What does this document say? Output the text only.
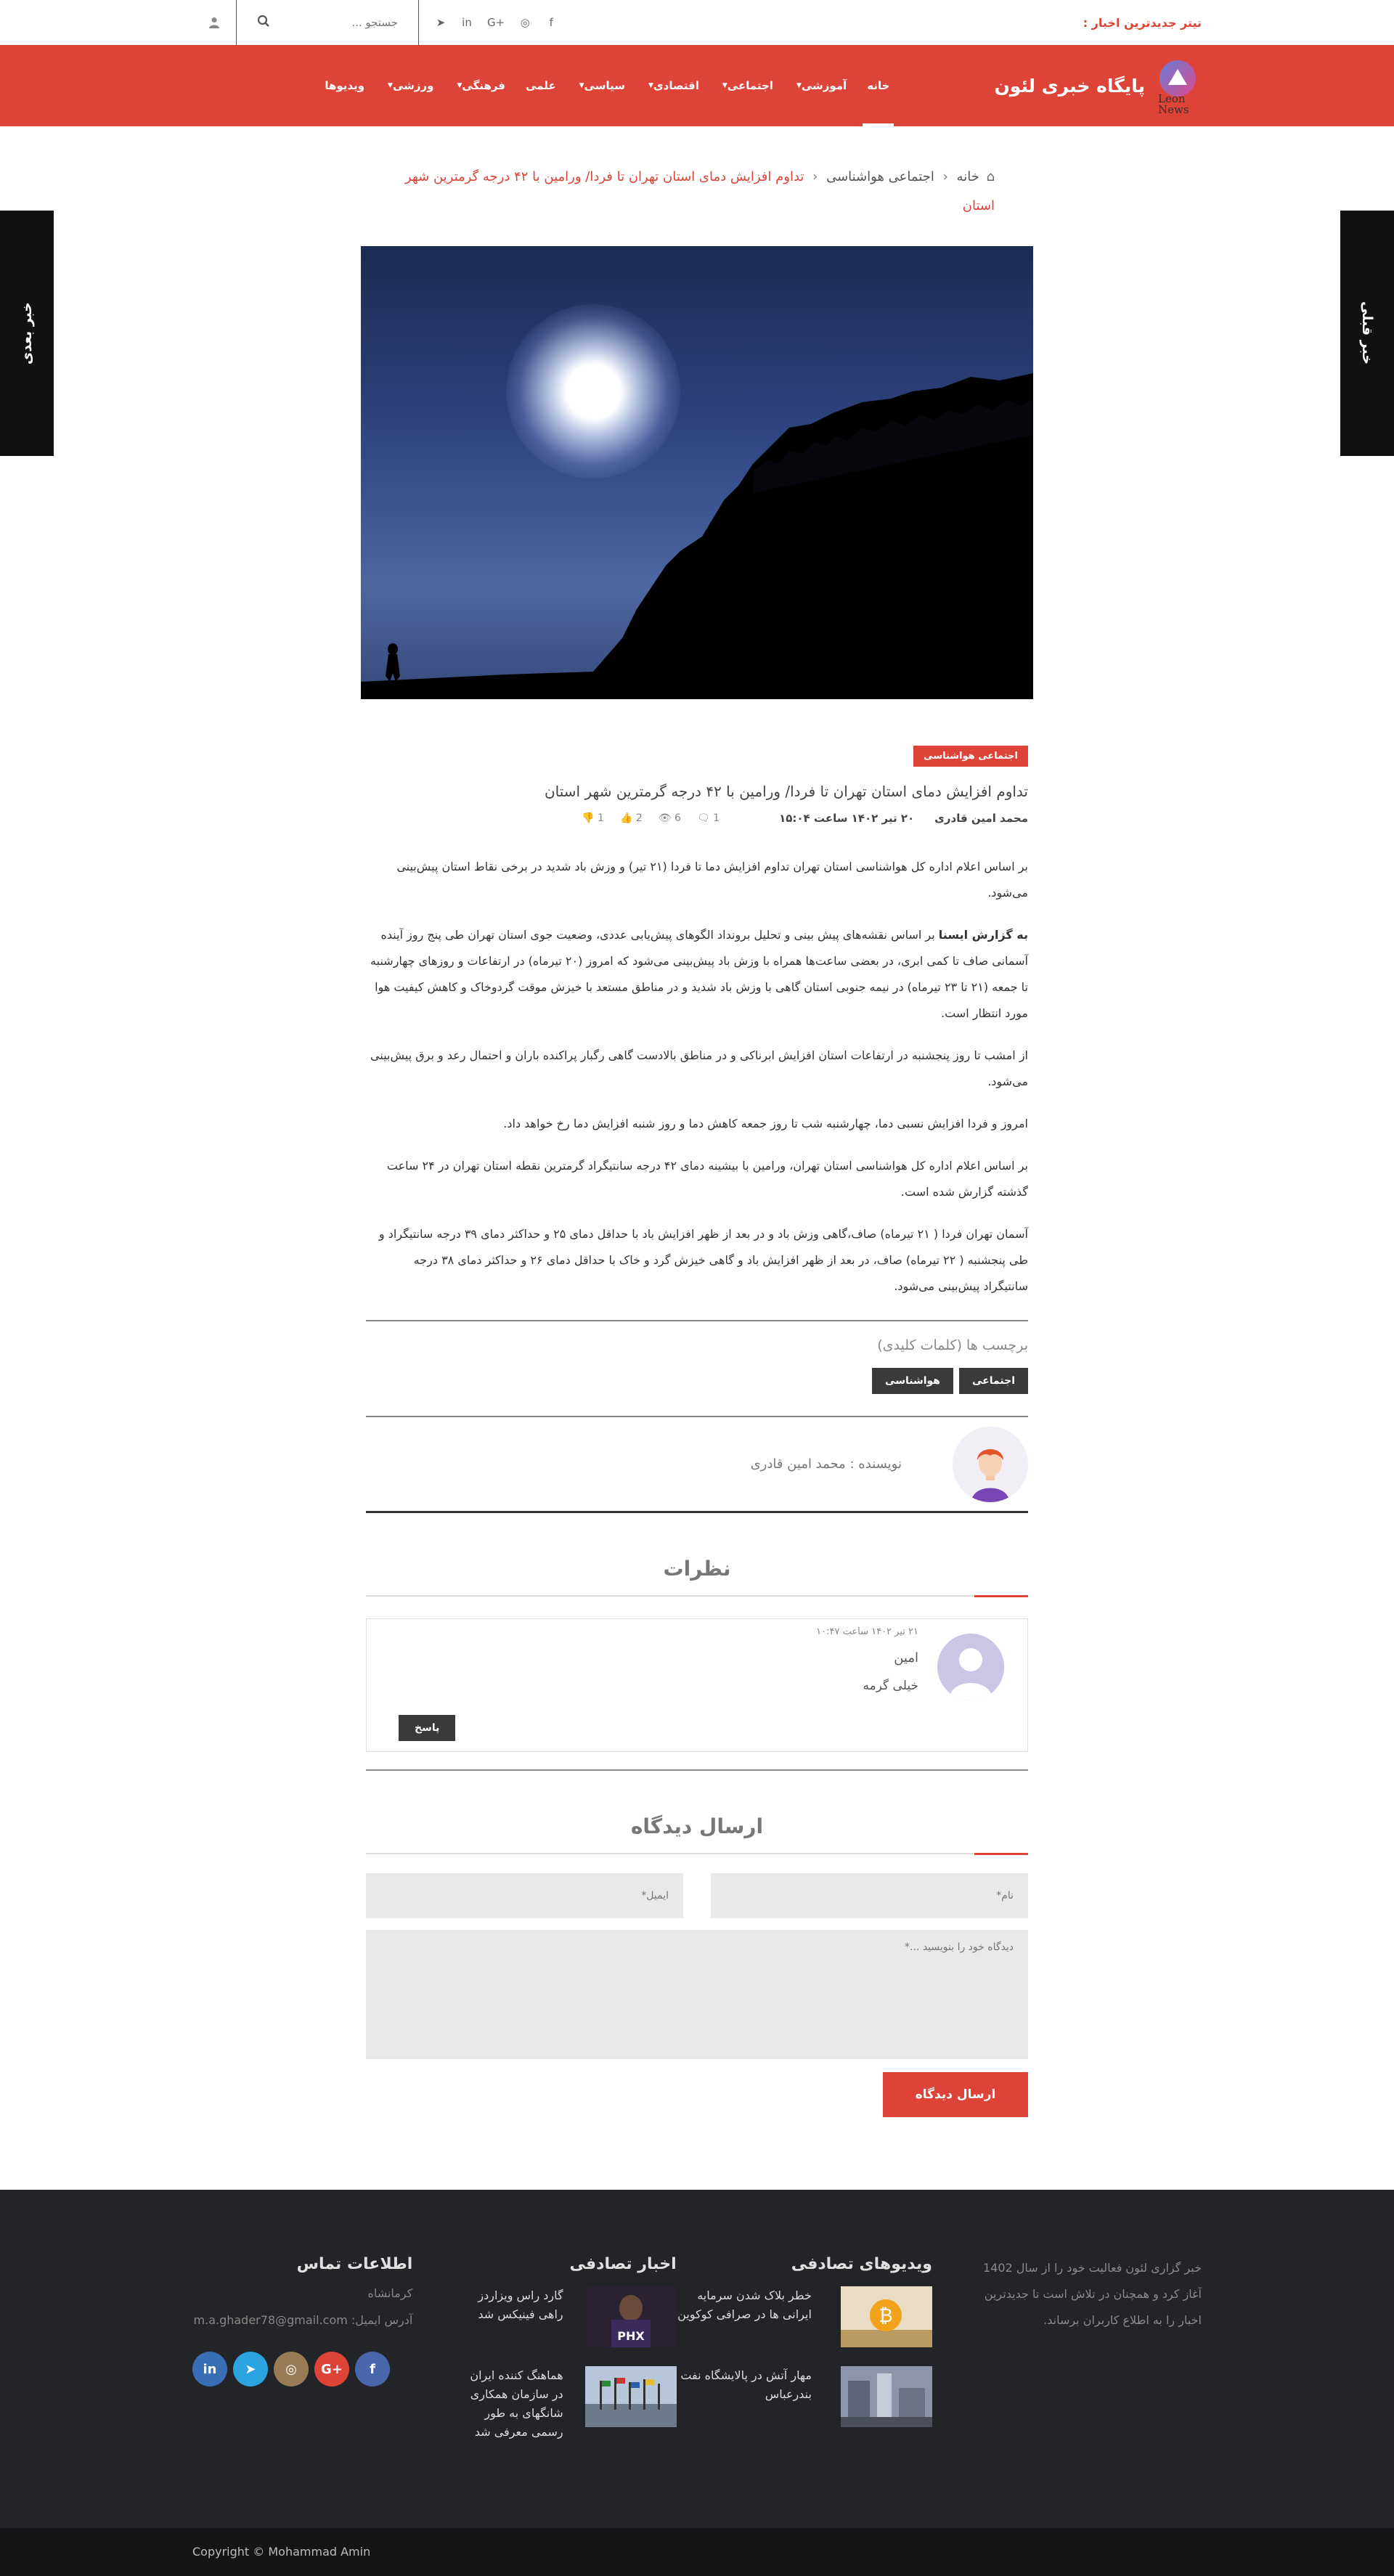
تیتر جدیدترین اخبار :
➤ in G+ ◎	f
جستجو ...
Leon
News
پایگاه خبری لئون
خانه
آموزشی
▼
اجتماعی
▼
اقتصادی
▼
سیاسی
▼
علمی
فرهنگی
▼
ورزشی
▼
ویدیوها
خبر بعدی	خبر قبلی
⌂ خانه ‹ اجتماعی هواشناسی ‹ تداوم افزایش دمای استان تهران تا فردا/ ورامین با ۴۲ درجه گرمترین شهر استان
اجتماعی هواشناسی
تداوم افزایش دمای استان تهران تا فردا/ ورامین با ۴۲ درجه گرمترین شهر استان
محمد امین قادری
۲۰ تیر ۱۴۰۲ ساعت ۱۵:۰۴
1 🗨
6 👁
2 👍
1 👎

بر اساس اعلام اداره کل هواشناسی استان تهران تداوم افزایش دما تا فردا (۲۱ تیر) و وزش باد شدید در برخی نقاط استان پیش‌بینی می‌شود.

به گزارش ایسنا بر اساس نقشه‌های پیش بینی و تحلیل برونداد الگوهای پیش‌یابی عددی، وضعیت جوی استان تهران طی پنج روز آینده آسمانی صاف تا کمی ابری، در بعضی ساعت‌ها همراه با وزش باد پیش‌بینی می‌شود که امروز (۲۰ تیرماه) در ارتفاعات و روزهای چهارشنبه تا جمعه (۲۱ تا ۲۳ تیرماه) در نیمه جنوبی استان گاهی با وزش باد شدید و در مناطق مستعد با خیزش موقت گردوخاک و کاهش کیفیت هوا مورد انتظار است.

از امشب تا روز پنجشنبه در ارتفاعات استان افزایش ابرناکی و در مناطق بالادست گاهی رگبار پراکنده باران و احتمال رعد و برق پیش‌بینی می‌شود.

امروز و فردا افزایش نسبی دما، چهارشنبه شب تا روز جمعه کاهش دما و روز شنبه افزایش دما رخ خواهد داد.

بر اساس اعلام اداره کل هواشناسی استان تهران، ورامین با بیشینه دمای ۴۲ درجه سانتیگراد گرمترین نقطه استان تهران در ۲۴ ساعت گذشته گزارش شده است.

آسمان تهران فردا ( ۲۱ تیرماه) صاف،گاهی وزش باد و در بعد از ظهر افزایش باد با حداقل دمای ۲۵ و حداکثر دمای ۳۹ درجه سانتیگراد و طی پنجشنبه ( ۲۲ تیرماه) صاف، در بعد از ظهر افزایش باد و گاهی خیزش گرد و خاک با حداقل دمای ۲۶ و حداکثر دمای ۳۸ درجه سانتیگراد پیش‌بینی می‌شود.

برچسب ها (کلمات کلیدی)
اجتماعی
هواشناسی
نویسنده : محمد امین قادری
نظرات
۲۱ تیر ۱۴۰۲ ساعت ۱۰:۴۷
امین
خیلی گرمه
پاسخ
ارسال دیدگاه
نام*
ایمیل*
دیدگاه خود را بنویسید ...* ارسال دیدگاه
خبر گزاری لئون فعالیت خود را از سال 1402 آغاز کرد و همچنان در تلاش است تا جدیدترین اخبار را به اطلاع کاربران برساند.
ویدیوهای تصادفی
₿
خطر بلاک شدن سرمایه ایرانی ها در صرافی کوکوین
مهار آتش در پالایشگاه نفت بندرعباس
اخبار تصادفی
PHX
گارد راس ویزاردز راهی فینیکس شد
هماهنگ کننده ایران در سازمان همکاری شانگهای به طور رسمی معرفی شد
اطلاعات تماس
کرمانشاه
آدرس ایمیل: m.a.ghader78@gmail.com
in	➤	◎	G+	f
Copyright © Mohammad Amin
